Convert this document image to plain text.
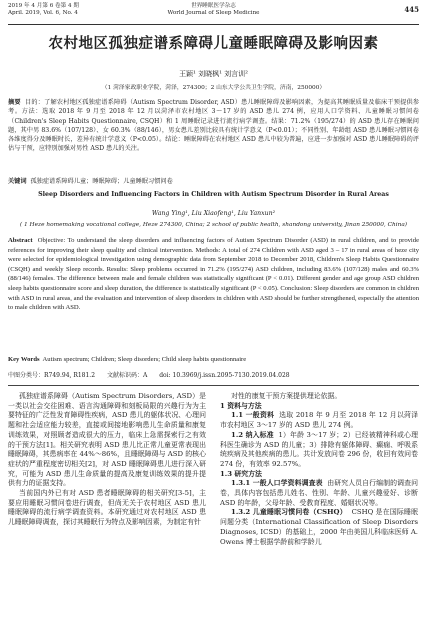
2019 年 4 月第 6 卷第 4 期
April. 2019, Vol. 6, No. 4
世界睡眠医学杂志
World Journal of Sleep Medicine	445
农村地区孤独症谱系障碍儿童睡眠障碍及影响因素
王颖¹ 刘晓枫¹ 刘言训²
（1 菏泽家政职业学院，菏泽，274300；2 山东大学公共卫生学院，济南，250000）
摘要 目的：了解农村地区孤独症谱系障碍（Autism Spectrum Disorder, ASD）患儿睡眠障碍及影响因素，为提高其睡眠质量及临床干预提供参考。方法：选取 2018 年 9 月至 2018 年 12 月以菏泽市农村地区 3～17 岁的 ASD 患儿 274 例，应用人口学资料、儿童睡眠习惯问卷（Children's Sleep Habits Questionnaire, CSQH）和 1 周睡眠记录进行流行病学调查。结果：71.2%（195/274）的 ASD 患儿存在睡眠问题，其中男 83.6%（107/128）、女 60.3%（88/146），男女患儿差别比较具有统计学意义（P<0.01）；不同性别、年龄组 ASD 患儿睡眠习惯问卷各维度得分及睡眠时长，差异有统计学意义（P<0.05）。结论：睡眠障碍在农村地区 ASD 患儿中较为普遍，应进一步加强对 ASD 患儿睡眠障碍的评估与干预，应特别加强对男性 ASD 患儿的关注。
关键词 孤独症谱系障碍儿童；睡眠障碍；儿童睡眠习惯问卷
Sleep Disorders and Influencing Factors in Children with Autism Spectrum Disorder in Rural Areas
Wang Ying¹, Liu Xiaofeng¹, Liu Yanxun²
( 1 Heze homemaking vocational college, Heze 274300, China; 2 school of public health, shandong university, Jinan 250000, China)
Abstract Objective: To understand the sleep disorders and influencing factors of Autism Spectrum Disorder (ASD) in rural children, and to provide references for improving their sleep quality and clinical intervention. Methods: A total of 274 Children with ASD aged 3 – 17 in rural areas of heze city were selected for epidemiological investigation using demographic data from September 2018 to December 2018, Children's Sleep Habits Questionnaire (CSQH) and weekly Sleep records. Results: Sleep problems occurred in 71.2% (195/274) ASD children, including 83.6% (107/128) males and 60.3% (88/146) females. The difference between male and female children was statistically significant (P < 0.01). Different gender and age group ASD children sleep habits questionnaire score and sleep duration, the difference is statistically significant (P < 0.05). Conclusion: Sleep disorders are common in children with ASD in rural areas, and the evaluation and intervention of sleep disorders in children with ASD should be further strengthened, especially the attention to male children with ASD.
Key Words Autism spectrum; Children; Sleep disorders; Child sleep habits questionnaire
中图分类号：R749.94, R181.2 文献标识码：A doi: 10.3969/j.issn.2095-7130.2019.04.028

孤独症谱系障碍（Autism Spectrum Disorders, ASD）是一类以社会交往困难、语言沟通障碍和刻板局限的兴趣行为为主要特征的广泛性发育障碍性疾病，ASD 患儿的躯体状况、心理问题和社会适应能力较差，直接或间接地影响患儿生命质量和康复训练效果，对照顾者造成很大的压力，临床上急需探索行之有效的干预方法[1]。相关研究表明 ASD 患儿比正常儿童更常表现出睡眠障碍，其患病率在 44%～86%，且睡眠障碍与 ASD 的核心症状的严重程度密切相关[2]，对 ASD 睡眠障碍患儿进行深入研究，可能为 ASD 患儿生命质量的提高及康复训练效果的提升提供有力的证据支持。

当前国内外已有对 ASD 患者睡眠障碍的相关研究[3-5]，主要应用睡眠习惯问卷进行调查，但尚无关于农村地区 ASD 患儿睡眠障碍的流行病学调查资料。本研究通过对农村地区 ASD 患儿睡眠障碍调查，探讨其睡眠行为特点及影响因素，为制定有针

对性的康复干预方案提供理论依据。

1 资料与方法

1.1 一般资料 选取 2018 年 9 月至 2018 年 12 月以菏泽市农村地区 3～17 岁的 ASD 患儿 274 例。

1.2 纳入标准 1）年龄 3～17 岁；2）已经被精神科或心理科医生确诊为 ASD 的儿童；3）排除有躯体障碍、癫痫、呼吸系统疾病及其他疾病的患儿。共计发放问卷 296 份，收回有效问卷 274 份，有效率 92.57%。

1.3 研究方法

1.3.1 一般人口学资料调查表 由研究人员自行编制的调查问卷，具体内容包括患儿姓名、性别、年龄、儿童兴趣爱好、诊断 ASD 的年龄，父母年龄、受教育程度、婚姻状况等。

1.3.2 儿童睡眠习惯问卷（CSHQ） CSHQ 是在国际睡眠问题分类（International Classification of Sleep Disorders Diagnoses, ICSD）的基础上，2000 年由美国儿科临床医师 A. Owens 博士根据学龄前和学龄儿
